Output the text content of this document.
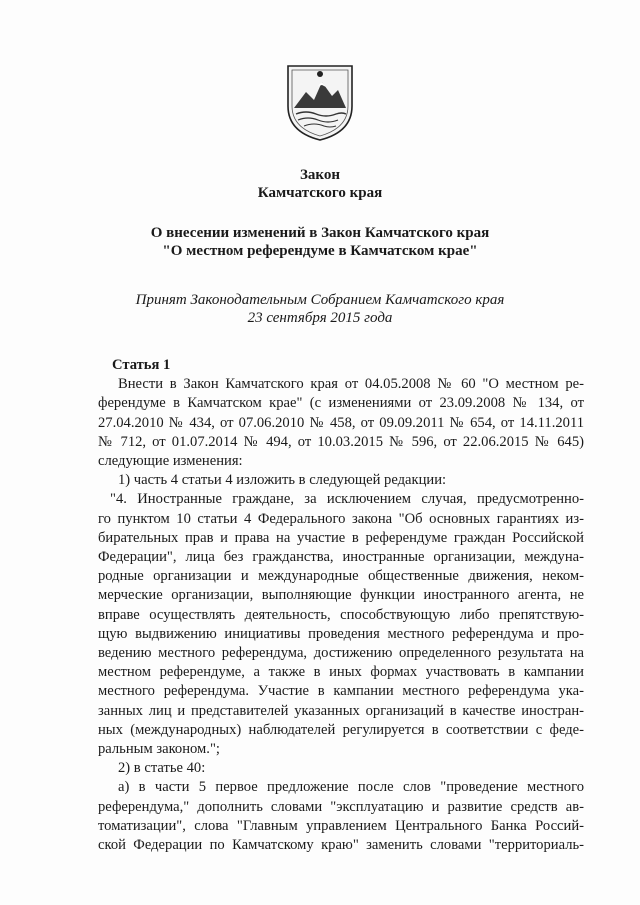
Закон
Камчатского края
О внесении изменений в Закон Камчатского края
"О местном референдуме в Камчатском крае"
Принят Законодательным Собранием Камчатского края
23 сентября 2015 года
Статья 1
Внести в Закон Камчатского края от 04.05.2008 № 60 "О местном ре-
ферендуме в Камчатском крае" (с изменениями от 23.09.2008 № 134, от
27.04.2010 № 434, от 07.06.2010 № 458, от 09.09.2011 № 654, от 14.11.2011
№ 712, от 01.07.2014 № 494, от 10.03.2015 № 596, от 22.06.2015 № 645)
следующие изменения:
1) часть 4 статьи 4 изложить в следующей редакции:
"4. Иностранные граждане, за исключением случая, предусмотренно-
го пунктом 10 статьи 4 Федерального закона "Об основных гарантиях из-
бирательных прав и права на участие в референдуме граждан Российской
Федерации", лица без гражданства, иностранные организации, междуна-
родные организации и международные общественные движения, неком-
мерческие организации, выполняющие функции иностранного агента, не
вправе осуществлять деятельность, способствующую либо препятствую-
щую выдвижению инициативы проведения местного референдума и про-
ведению местного референдума, достижению определенного результата на
местном референдуме, а также в иных формах участвовать в кампании
местного референдума. Участие в кампании местного референдума ука-
занных лиц и представителей указанных организаций в качестве иностран-
ных (международных) наблюдателей регулируется в соответствии с феде-
ральным законом.";
2) в статье 40:
а) в части 5 первое предложение после слов "проведение местного
референдума," дополнить словами "эксплуатацию и развитие средств ав-
томатизации", слова "Главным управлением Центрального Банка Россий-
ской Федерации по Камчатскому краю" заменить словами "территориаль-
